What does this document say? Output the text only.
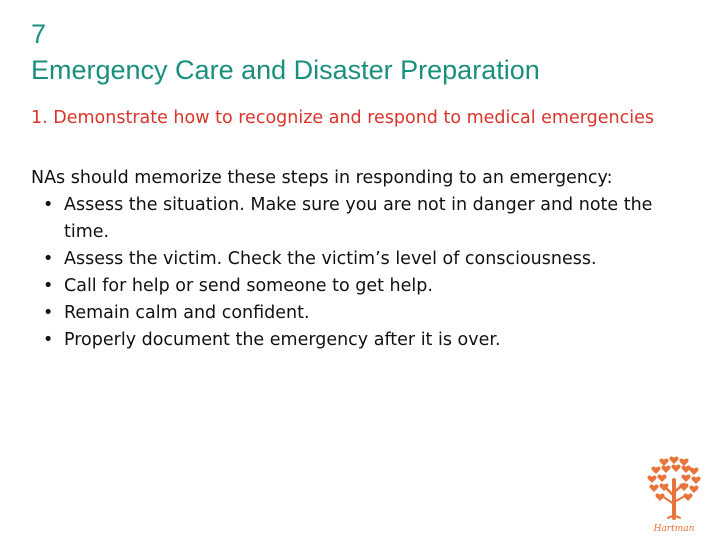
7
Emergency Care and Disaster Preparation

1. Demonstrate how to recognize and respond to medical emergencies

NAs should memorize these steps in responding to an emergency:

• Assess the situation. Make sure you are not in danger and note the time.
• Assess the victim. Check the victim’s level of consciousness.
• Call for help or send someone to get help.
• Remain calm and confident.
• Properly document the emergency after it is over.
Hartman
